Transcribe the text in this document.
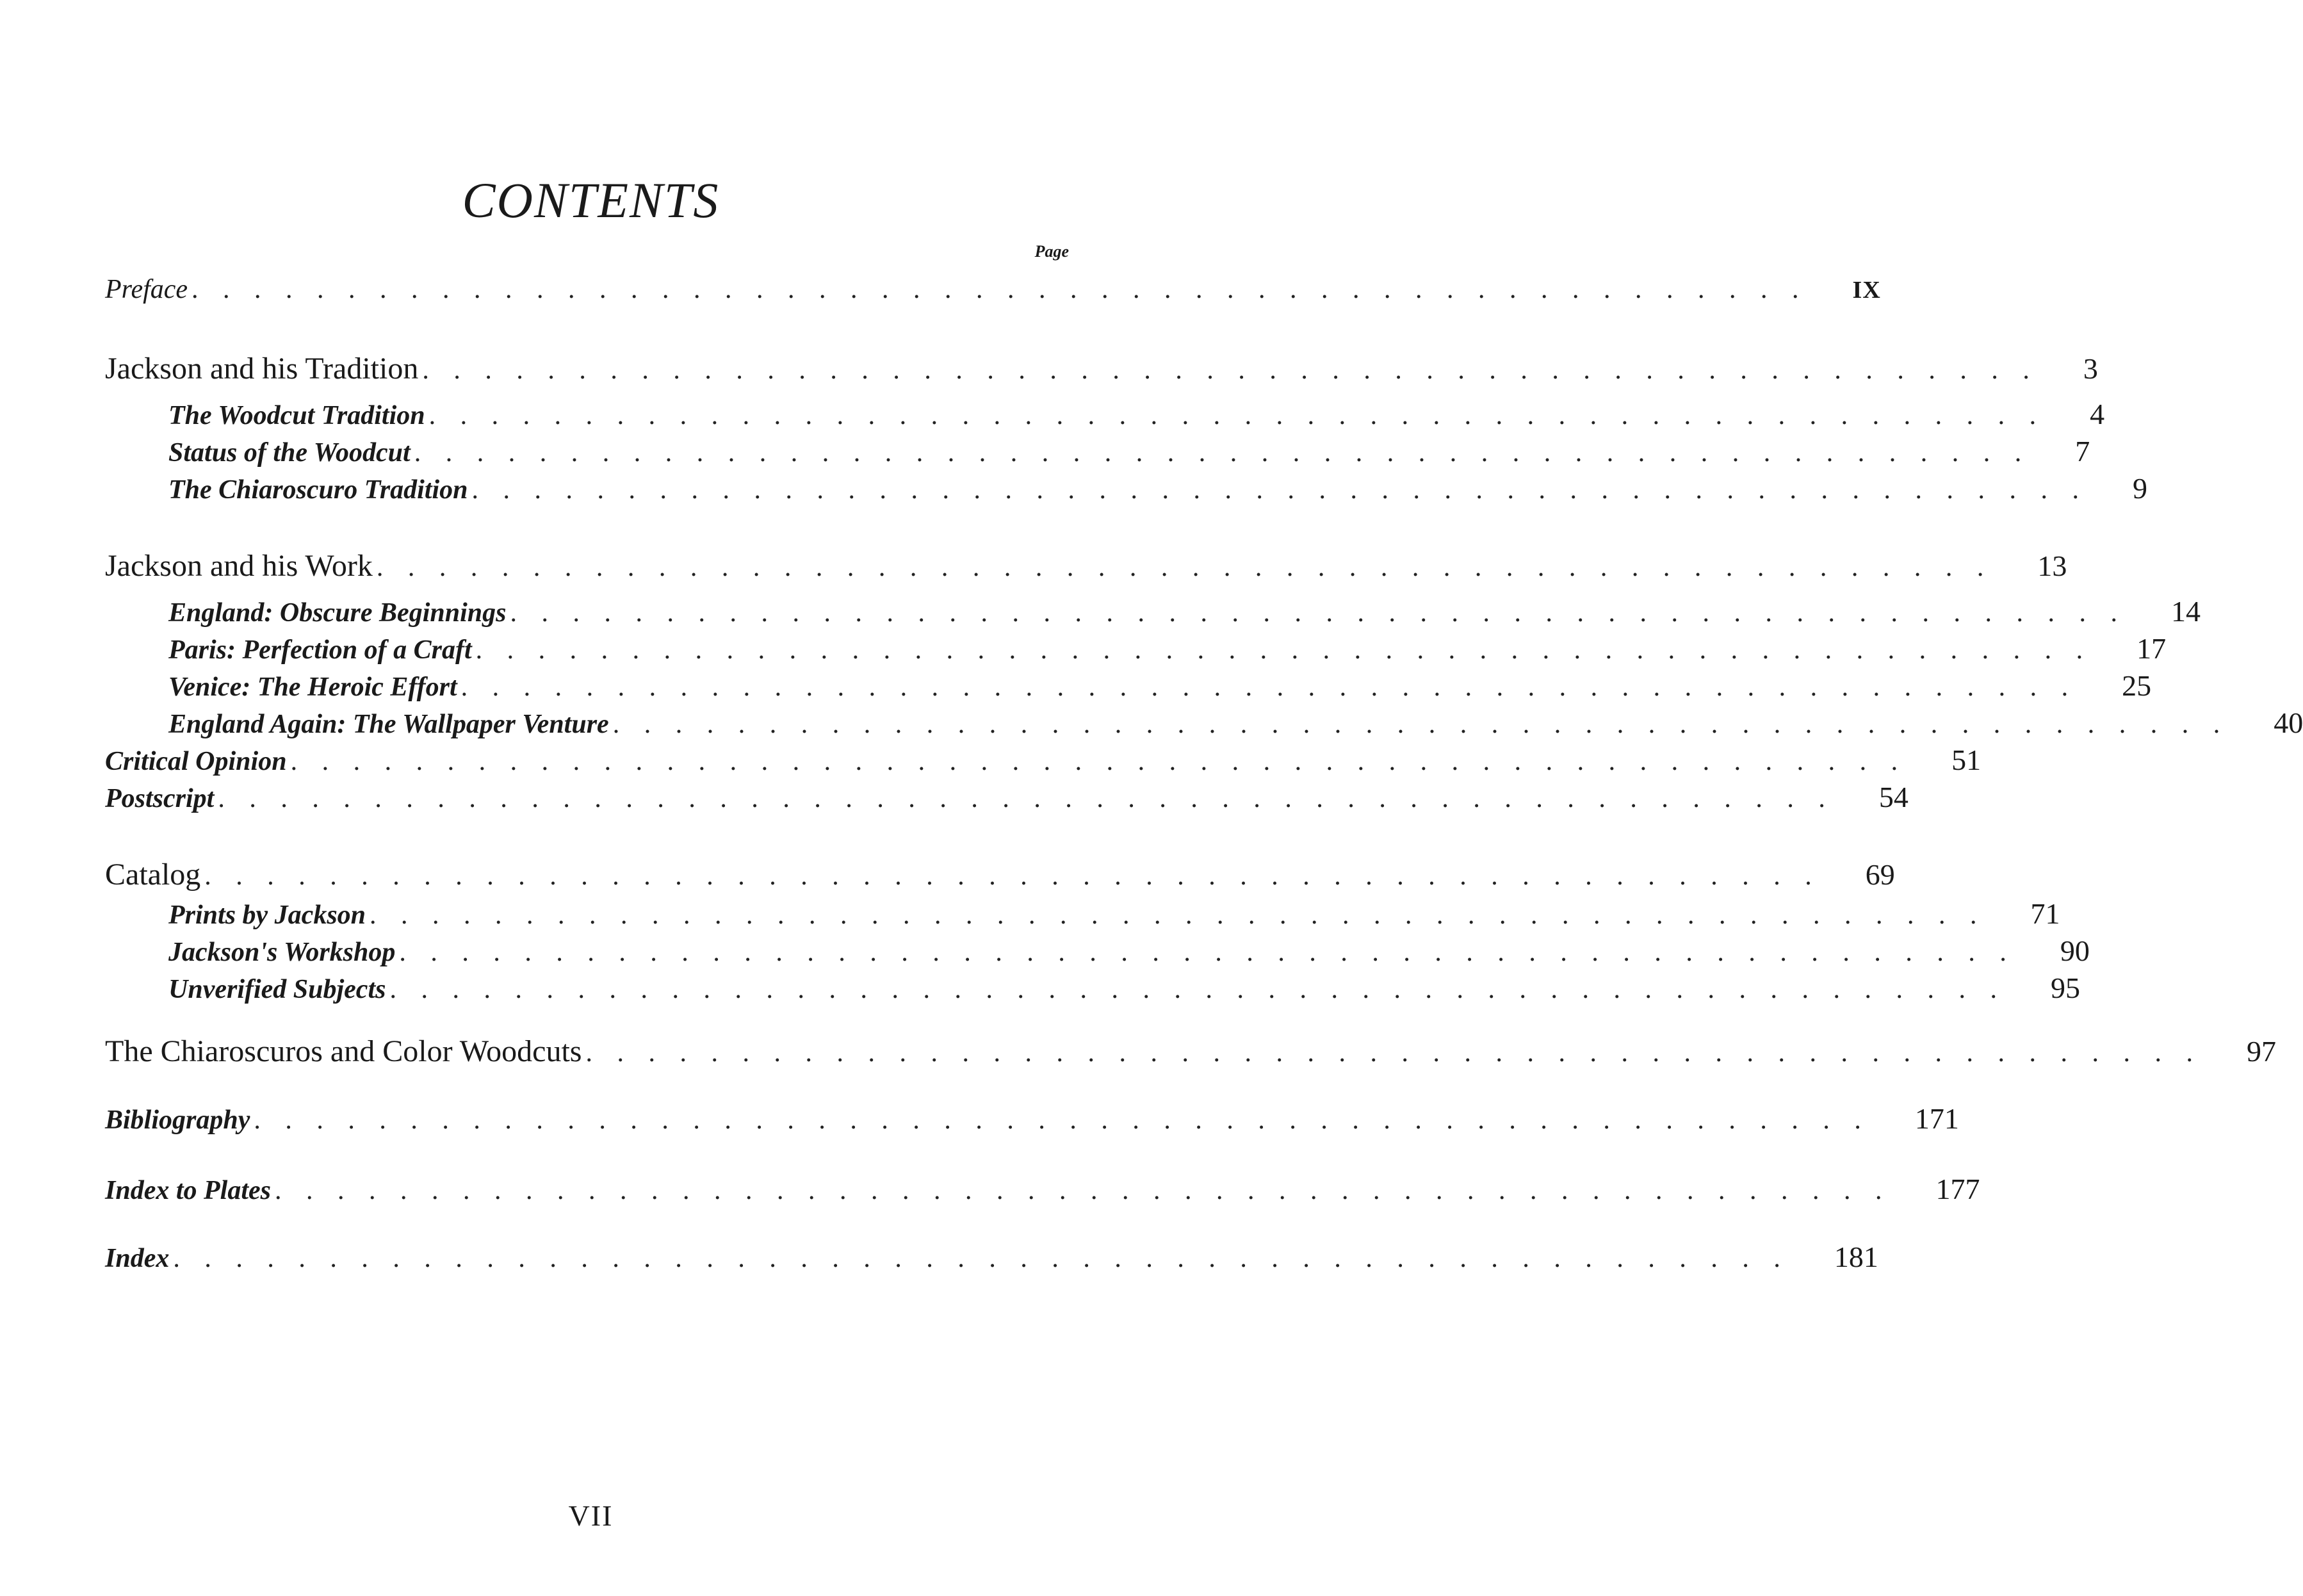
CONTENTS
Page
Preface . . . . . . . . . . . . . . . . . . . . . . . . . . . . . . . . . . . . . . . . . . . . . . . . . . . . IX
Jackson and his Tradition . . . . . . . . . . . . . . . . . . . . . . . . . . . . . . . . . . . . . . . . . . . . . . . . . . . . 3
The Woodcut Tradition . . . . . . . . . . . . . . . . . . . . . . . . . . . . . . . . . . . . . . . . . . . . . . . . . . . . 4
Status of the Woodcut . . . . . . . . . . . . . . . . . . . . . . . . . . . . . . . . . . . . . . . . . . . . . . . . . . . . 7
The Chiaroscuro Tradition . . . . . . . . . . . . . . . . . . . . . . . . . . . . . . . . . . . . . . . . . . . . . . . . . . . . 9
Jackson and his Work . . . . . . . . . . . . . . . . . . . . . . . . . . . . . . . . . . . . . . . . . . . . . . . . . . . . 13
England: Obscure Beginnings . . . . . . . . . . . . . . . . . . . . . . . . . . . . . . . . . . . . . . . . . . . . . . . . . . . . 14
Paris: Perfection of a Craft . . . . . . . . . . . . . . . . . . . . . . . . . . . . . . . . . . . . . . . . . . . . . . . . . . . . 17
Venice: The Heroic Effort . . . . . . . . . . . . . . . . . . . . . . . . . . . . . . . . . . . . . . . . . . . . . . . . . . . . 25
England Again: The Wallpaper Venture . . . . . . . . . . . . . . . . . . . . . . . . . . . . . . . . . . . . . . . . . . . . . . . . . . . . 40
Critical Opinion . . . . . . . . . . . . . . . . . . . . . . . . . . . . . . . . . . . . . . . . . . . . . . . . . . . . 51
Postscript . . . . . . . . . . . . . . . . . . . . . . . . . . . . . . . . . . . . . . . . . . . . . . . . . . . . 54
Catalog . . . . . . . . . . . . . . . . . . . . . . . . . . . . . . . . . . . . . . . . . . . . . . . . . . . . 69
Prints by Jackson . . . . . . . . . . . . . . . . . . . . . . . . . . . . . . . . . . . . . . . . . . . . . . . . . . . . 71
Jackson's Workshop . . . . . . . . . . . . . . . . . . . . . . . . . . . . . . . . . . . . . . . . . . . . . . . . . . . . 90
Unverified Subjects . . . . . . . . . . . . . . . . . . . . . . . . . . . . . . . . . . . . . . . . . . . . . . . . . . . . 95
The Chiaroscuros and Color Woodcuts . . . . . . . . . . . . . . . . . . . . . . . . . . . . . . . . . . . . . . . . . . . . . . . . . . . . 97
Bibliography . . . . . . . . . . . . . . . . . . . . . . . . . . . . . . . . . . . . . . . . . . . . . . . . . . . . 171
Index to Plates . . . . . . . . . . . . . . . . . . . . . . . . . . . . . . . . . . . . . . . . . . . . . . . . . . . . 177
Index . . . . . . . . . . . . . . . . . . . . . . . . . . . . . . . . . . . . . . . . . . . . . . . . . . . . 181
VII
